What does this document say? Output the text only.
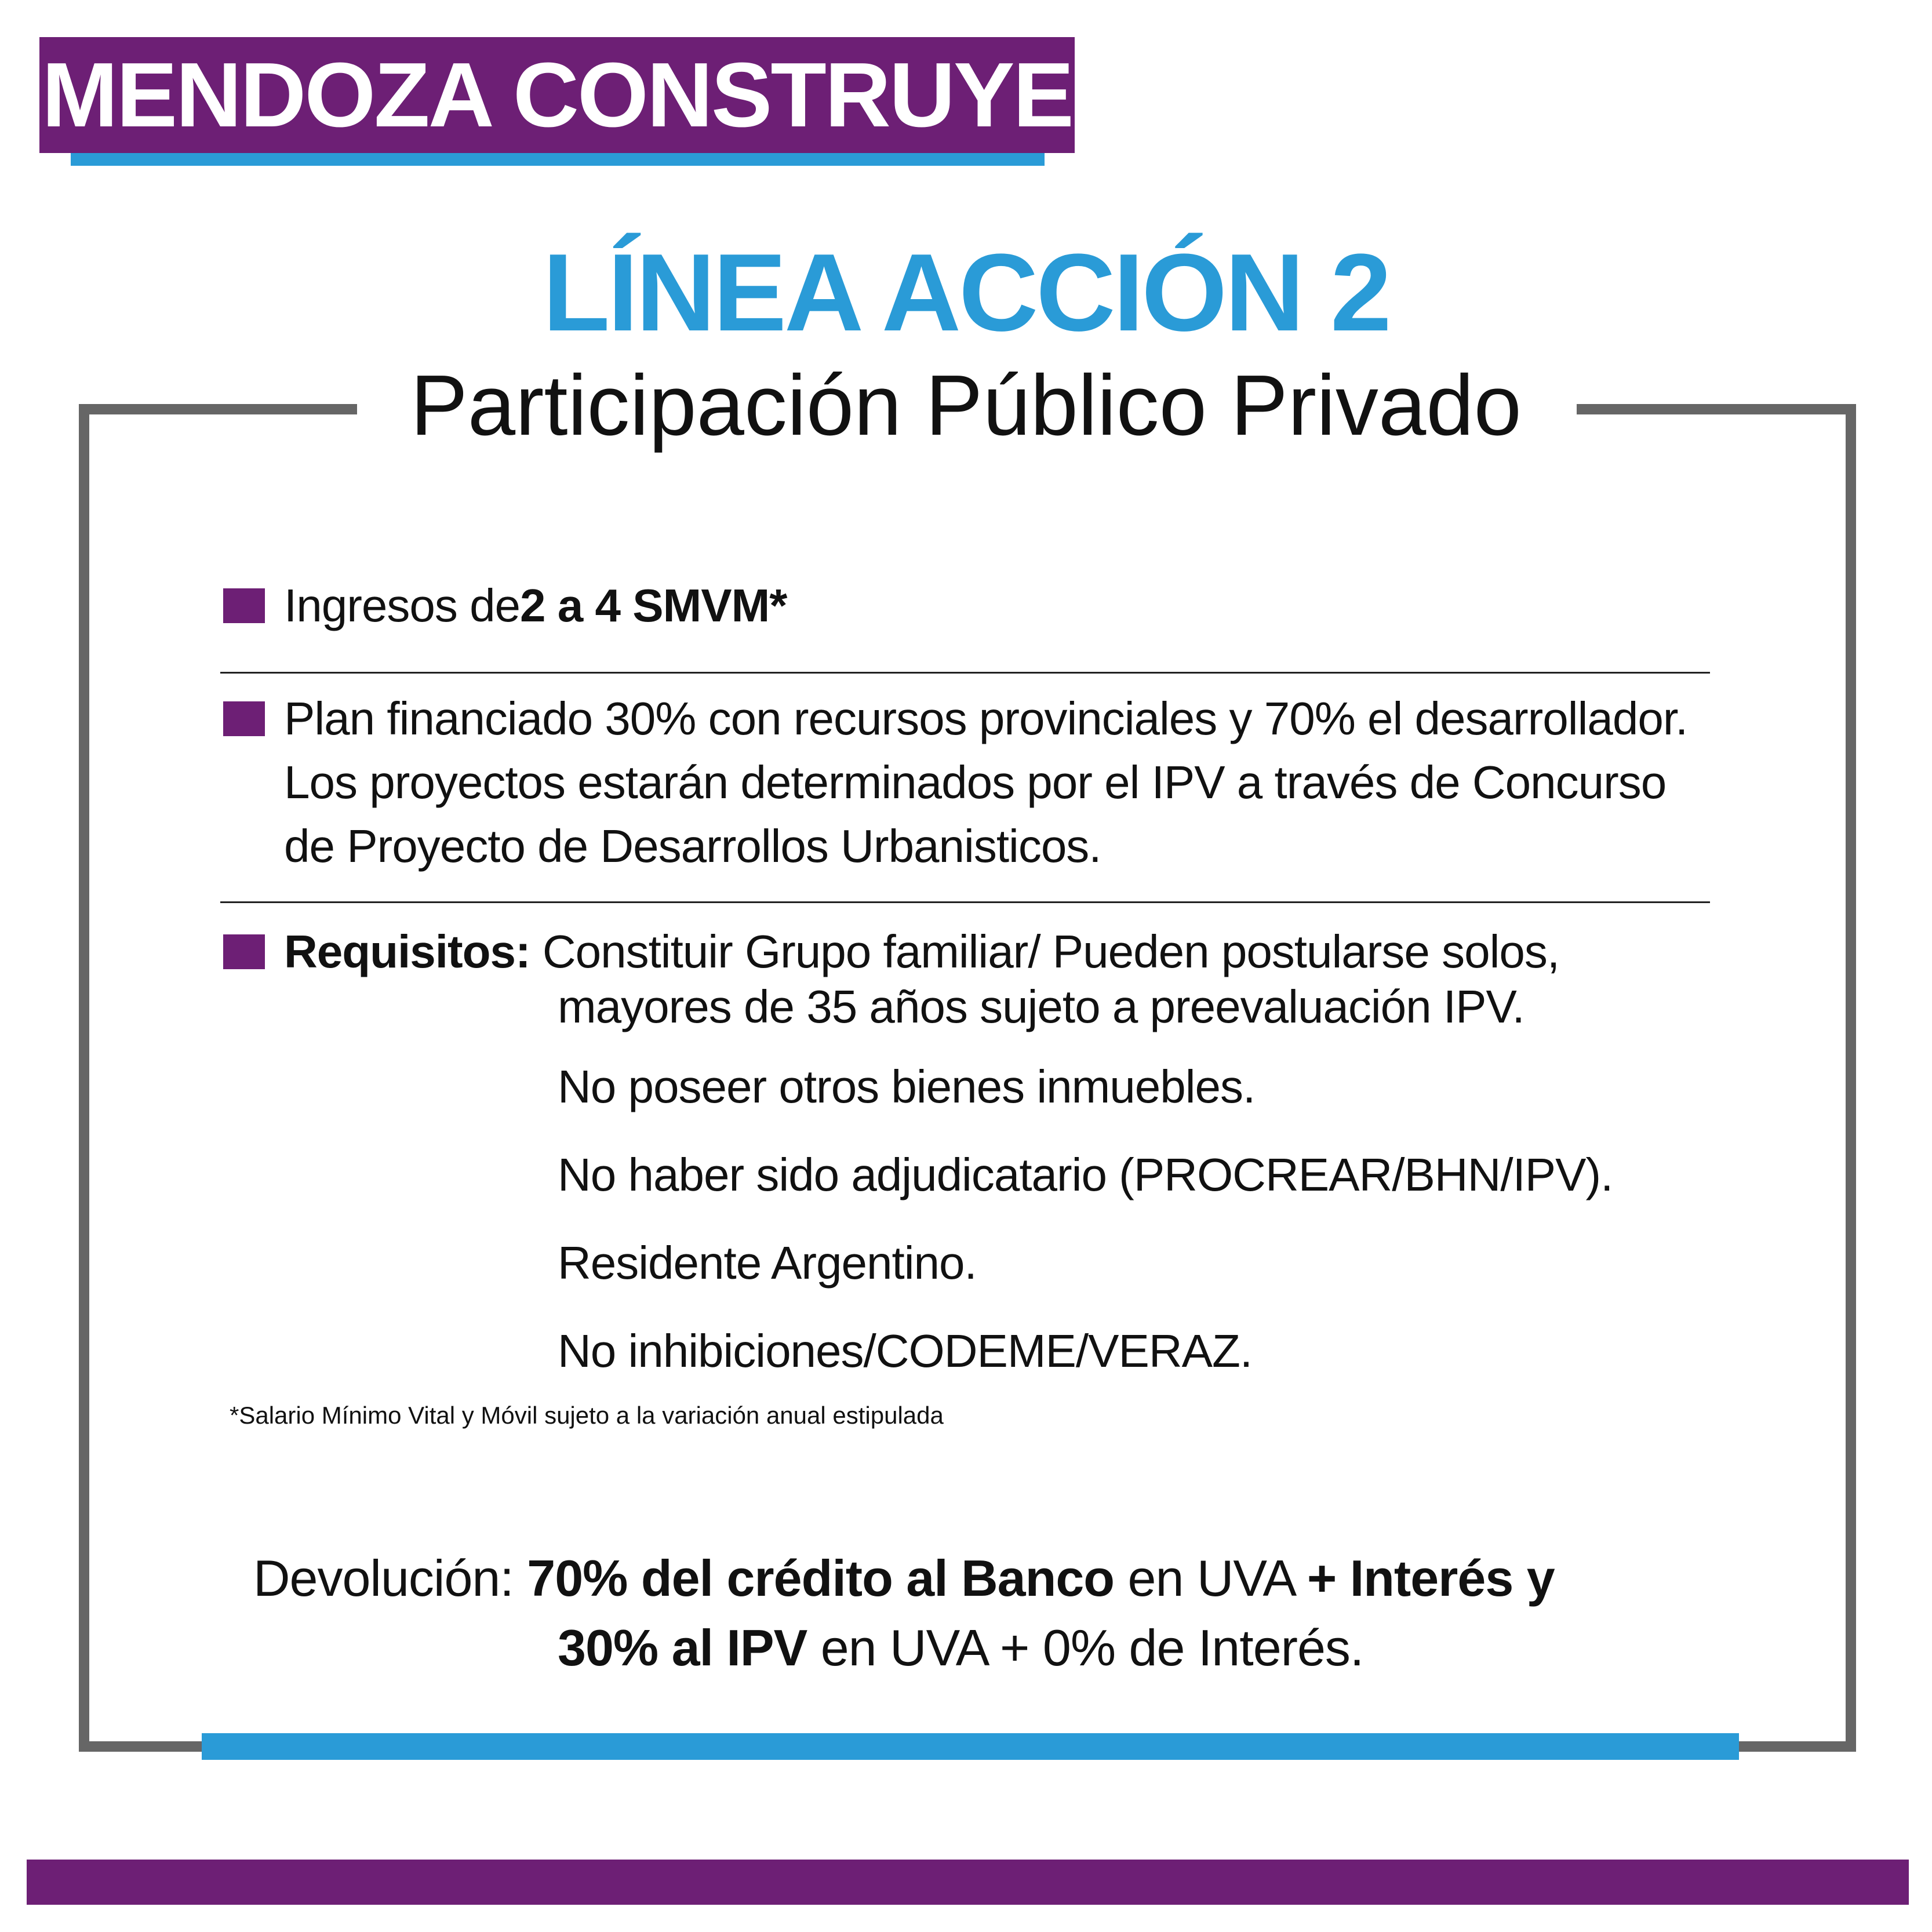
MENDOZA CONSTRUYE
LÍNEA ACCIÓN 2
Participación Público Privado
Ingresos de2 a 4 SMVM*
Plan financiado 30% con recursos provinciales y 70% el desarrollador.
Los proyectos estarán determinados por el IPV a través de Concurso
de Proyecto de Desarrollos Urbanisticos.
Requisitos: Constituir Grupo familiar/ Pueden postularse solos,
mayores de 35 años sujeto a preevaluación IPV.
No poseer otros bienes inmuebles.
No haber sido adjudicatario (PROCREAR/BHN/IPV).
Residente Argentino.
No inhibiciones/CODEME/VERAZ.
*Salario Mínimo Vital y Móvil sujeto a la variación anual estipulada
Devolución: 70% del crédito al Banco en UVA + Interés y
30% al IPV en UVA + 0% de Interés.
